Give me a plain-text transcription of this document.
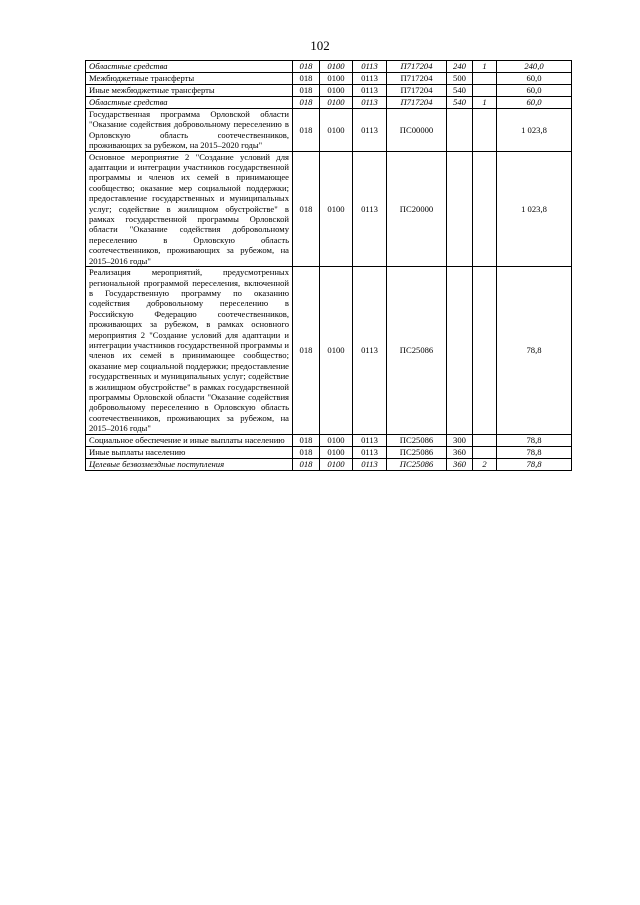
102
Областные средства	018	0100	0113	П717204	240	1	240,0
Межбюджетные трансферты	018	0100	0113	П717204	500		60,0
Иные межбюджетные трансферты	018	0100	0113	П717204	540		60,0
Областные средства	018	0100	0113	П717204	540	1	60,0
Государственная программа Орловской области "Оказание содействия добровольному переселению в Орловскую область соотечественников, проживающих за рубежом, на 2015–2020 годы"	018	0100	0113	ПС00000			1 023,8
Основное мероприятие 2 "Создание условий для адаптации и интеграции участников государственной программы и членов их семей в принимающее сообщество; оказание мер социальной поддержки; предоставление государственных и муниципальных услуг; содействие в жилищном обустройстве" в рамках государственной программы Орловской области "Оказание содействия добровольному переселению в Орловскую область соотечественников, проживающих за рубежом, на 2015–2016 годы"	018	0100	0113	ПС20000			1 023,8
Реализация мероприятий, предусмотренных региональной программой переселения, включенной в Государственную программу по оказанию содействия добровольному переселению в Российскую Федерацию соотечественников, проживающих за рубежом, в рамках основного мероприятия 2 "Создание условий для адаптации и интеграции участников государственной программы и членов их семей в принимающее сообщество; оказание мер социальной поддержки; предоставление государственных и муниципальных услуг; содействие в жилищном обустройстве" в рамках государственной программы Орловской области "Оказание содействия добровольному переселению в Орловскую область соотечественников, проживающих за рубежом, на 2015–2016 годы"	018	0100	0113	ПС25086			78,8
Социальное обеспечение и иные выплаты населению	018	0100	0113	ПС25086	300		78,8
Иные выплаты населению	018	0100	0113	ПС25086	360		78,8
Целевые безвозмездные поступления	018	0100	0113	ПС25086	360	2	78,8
